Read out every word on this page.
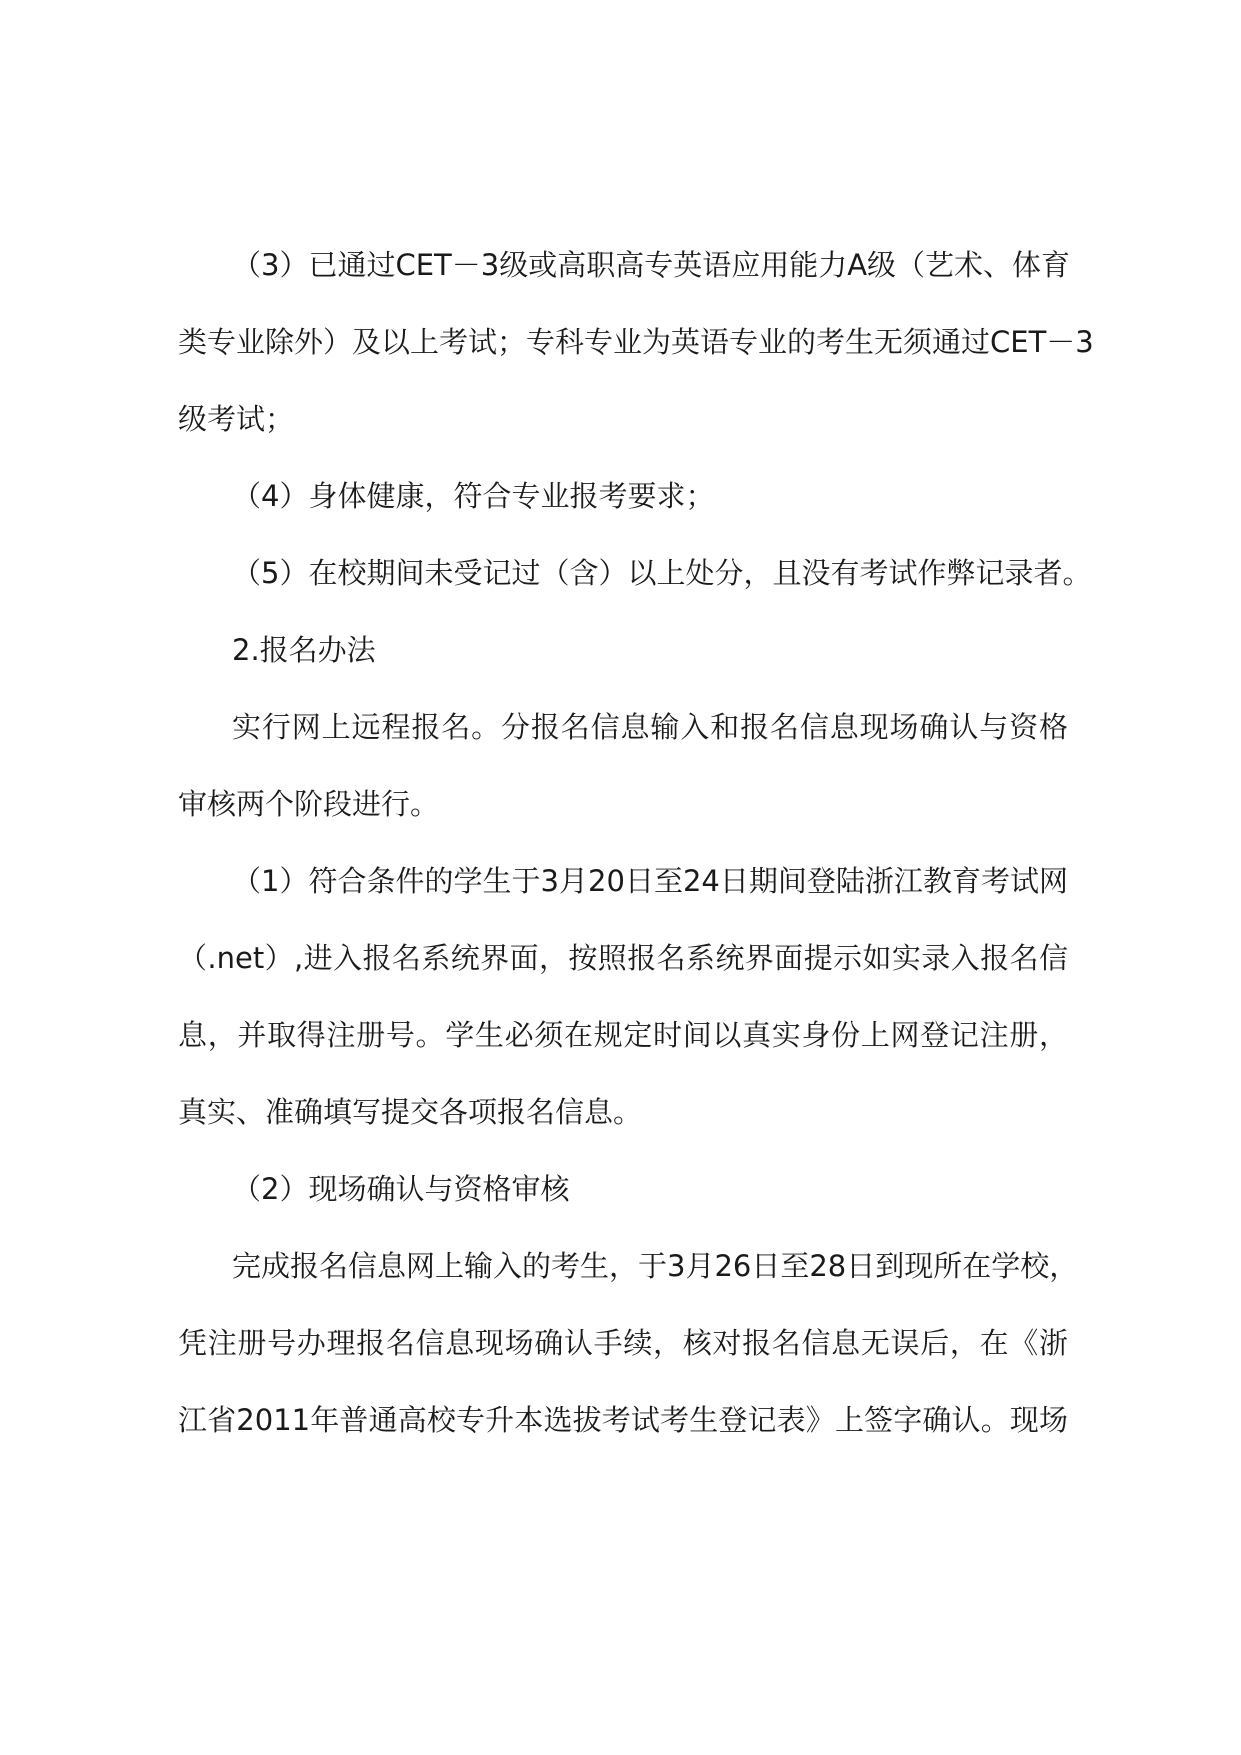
（3）已通过CET－3级或高职高专英语应用能力A级（艺术、体育
类专业除外）及以上考试；专科专业为英语专业的考生无须通过CET－3
级考试；
（4）身体健康，符合专业报考要求；
（5）在校期间未受记过（含）以上处分，且没有考试作弊记录者。
2.报名办法
实行网上远程报名。分报名信息输入和报名信息现场确认与资格
审核两个阶段进行。
（1）符合条件的学生于3月20日至24日期间登陆浙江教育考试网
（.net）,进入报名系统界面，按照报名系统界面提示如实录入报名信
息，并取得注册号。学生必须在规定时间以真实身份上网登记注册，
真实、准确填写提交各项报名信息。
（2）现场确认与资格审核
完成报名信息网上输入的考生，于3月26日至28日到现所在学校，
凭注册号办理报名信息现场确认手续，核对报名信息无误后，在《浙
江省2011年普通高校专升本选拔考试考生登记表》上签字确认。现场
